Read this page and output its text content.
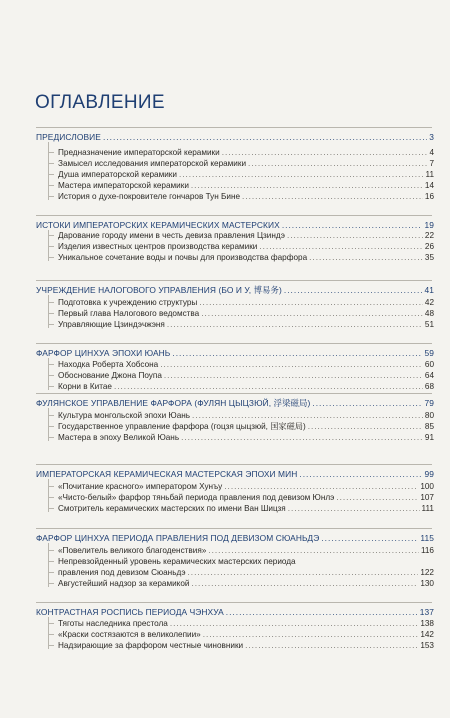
ОГЛАВЛЕНИЕ
ПРЕДИСЛОВИЕ .....	3
Предназначение императорской керамики .....	4
Замысел исследования императорской керамики .....	7
Душа императорской керамики .....	11
Мастера императорской керамики .....	14
История о духе-покровителе гончаров Тун Бине .....	16
ИСТОКИ ИМПЕРАТОРСКИХ КЕРАМИЧЕСКИХ МАСТЕРСКИХ .....	19
Дарование городу имени в честь девиза правления Цзиндэ .....	22
Изделия известных центров производства керамики .....	26
Уникальное сочетание воды и почвы для производства фарфора .....	35
УЧРЕЖДЕНИЕ НАЛОГОВОГО УПРАВЛЕНИЯ (БО И У, 博易务) .....	41
Подготовка к учреждению структуры .....	42
Первый глава Налогового ведомства .....	48
Управляющие Цзиндэчжэня .....	51
ФАРФОР ЦИНХУА ЭПОХИ ЮАНЬ .....	59
Находка Роберта Хобсона .....	60
Обоснование Джона Поупа .....	64
Корни в Китае .....	68
ФУЛЯНСКОЕ УПРАВЛЕНИЕ ФАРФОРА (ФУЛЯН ЦЫЦЗЮЙ, 浮梁磁局) .....	79
Культура монгольской эпохи Юань .....	80
Государственное управление фарфора (гоцзя цыцзюй, 国家磁局) .....	85
Мастера в эпоху Великой Юань .....	91
ИМПЕРАТОРСКАЯ КЕРАМИЧЕСКАЯ МАСТЕРСКАЯ ЭПОХИ МИН .....	99
«Почитание красного» императором Хунъу .....	100
«Чисто-белый» фарфор тяньбай периода правления под девизом Юнлэ .....	107
Смотритель керамических мастерских по имени Ван Шицзя .....	111
ФАРФОР ЦИНХУА ПЕРИОДА ПРАВЛЕНИЯ ПОД ДЕВИЗОМ СЮАНЬДЭ .....	115
«Повелитель великого благоденствия» .....	116
Непревзойденный уровень керамических мастерских периода
правления под девизом Сюаньдэ .....	122
Августейший надзор за керамикой .....	130
КОНТРАСТНАЯ РОСПИСЬ ПЕРИОДА ЧЭНХУА .....	137
Тяготы наследника престола .....	138
«Краски состязаются в великолепии» .....	142
Надзирающие за фарфором честные чиновники .....	153
